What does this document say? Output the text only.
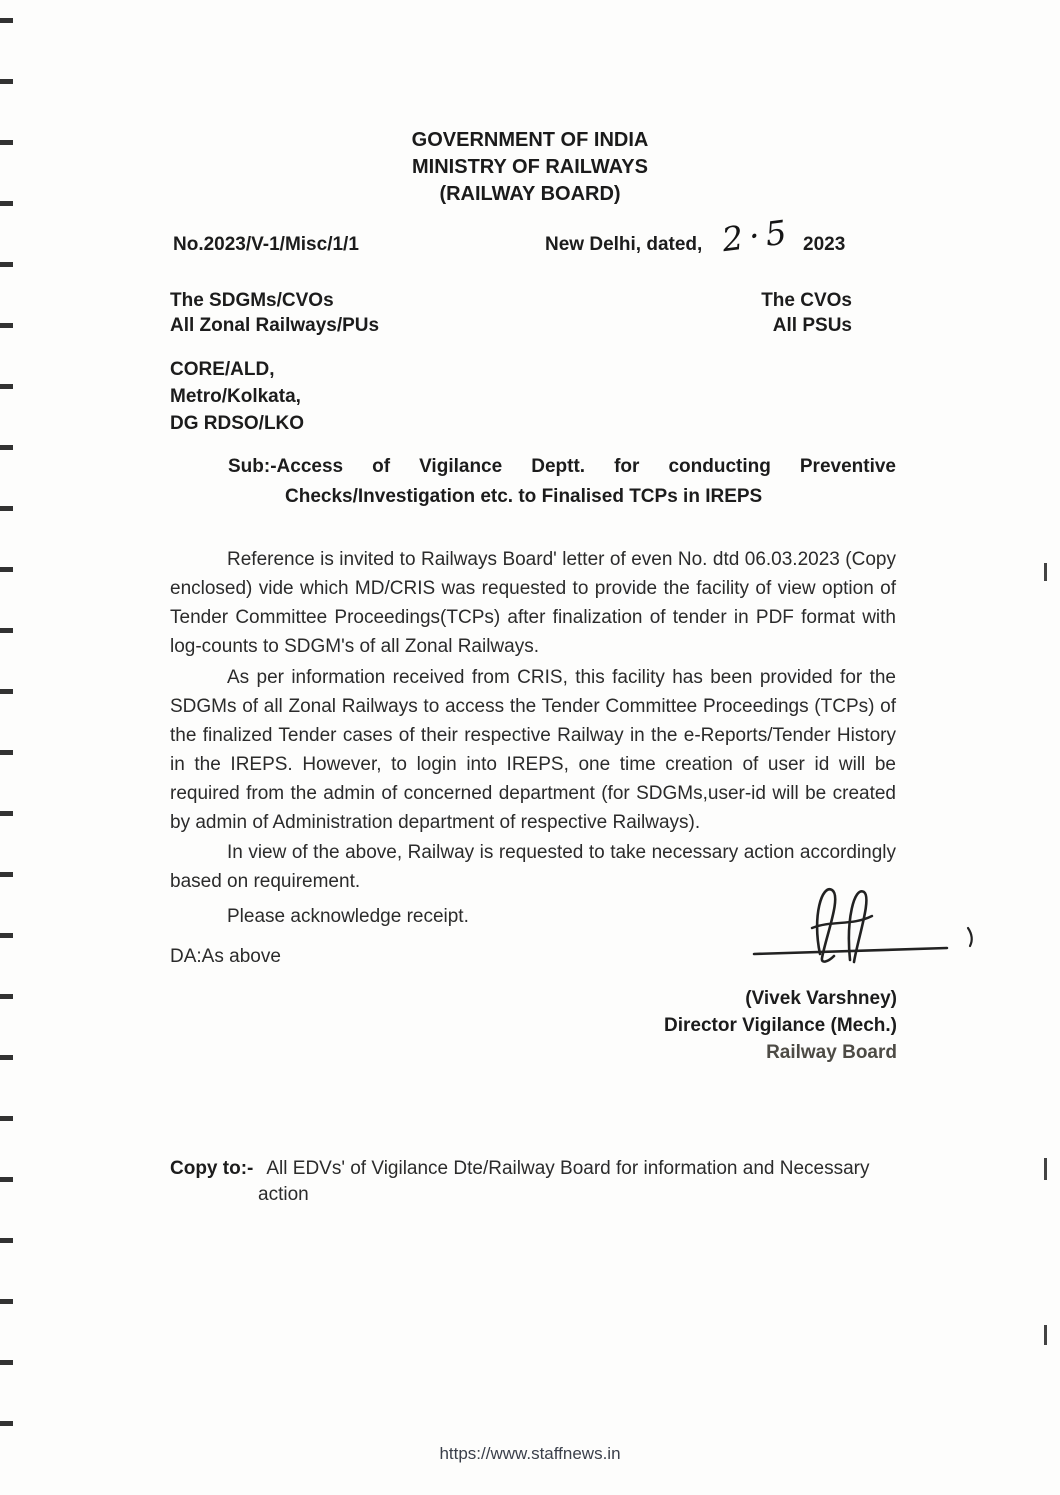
GOVERNMENT OF INDIA
MINISTRY OF RAILWAYS
(RAILWAY BOARD)
No.2023/V-1/Misc/1/1	New Delhi, dated, 2·5 2023
The SDGMs/CVOs
All Zonal Railways/PUs
The CVOs
All PSUs
CORE/ALD,
Metro/Kolkata,
DG RDSO/LKO
Sub:-Access of Vigilance Deptt. for conducting Preventive
Checks/Investigation etc. to Finalised TCPs in IREPS
Reference is invited to Railways Board' letter of even No. dtd 06.03.2023 (Copy enclosed) vide which MD/CRIS was requested to provide the facility of view option of Tender Committee Proceedings(TCPs) after finalization of tender in PDF format with log-counts to SDGM's of all Zonal Railways.
As per information received from CRIS, this facility has been provided for the SDGMs of all Zonal Railways to access the Tender Committee Proceedings (TCPs) of the finalized Tender cases of their respective Railway in the e-Reports/Tender History in the IREPS. However, to login into IREPS, one time creation of user id will be required from the admin of concerned department (for SDGMs,user-id will be created by admin of Administration department of respective Railways).
In view of the above, Railway is requested to take necessary action accordingly based on requirement.
Please acknowledge receipt.
DA:As above
(Vivek Varshney)
Director Vigilance (Mech.)
Railway Board
Copy to:- All EDVs' of Vigilance Dte/Railway Board for information and Necessary
action
https://www.staffnews.in
